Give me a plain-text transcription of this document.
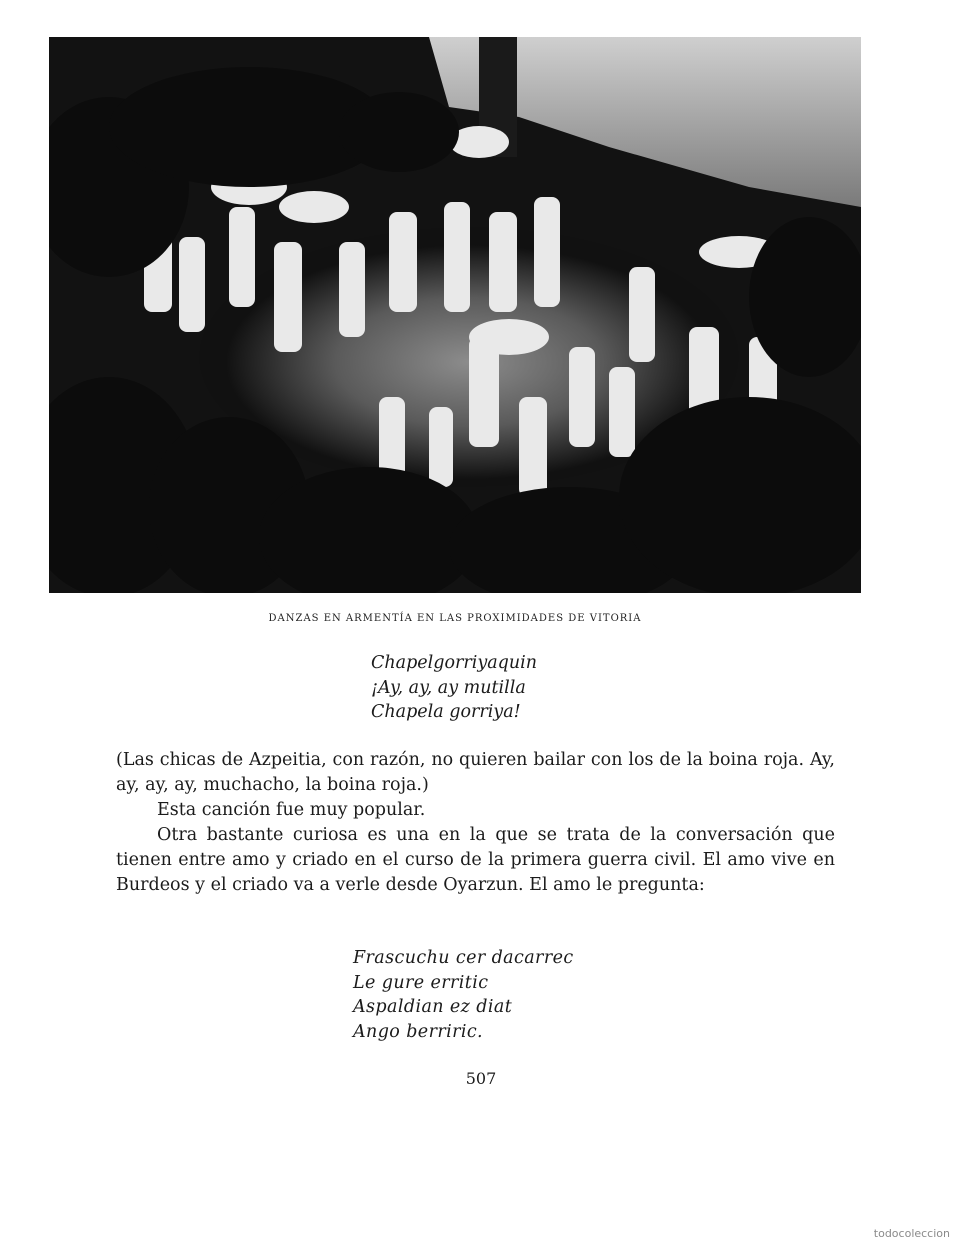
DANZAS EN ARMENTÍA EN LAS PROXIMIDADES DE VITORIA
Chapelgorriyaquin
¡Ay, ay, ay mutilla
Chapela gorriya!

(Las chicas de Azpeitia, con razón, no quieren bailar con los de la boina roja. Ay, ay, ay, ay, muchacho, la boina roja.)

Esta canción fue muy popular.

Otra bastante curiosa es una en la que se trata de la conversación que tienen entre amo y criado en el curso de la primera guerra civil. El amo vive en Burdeos y el criado va a verle desde Oyarzun. El amo le pregunta:

Frascuchu cer dacarrec
Le gure erritic
Aspaldian ez diat
Ango berriric.
507
todocoleccion
